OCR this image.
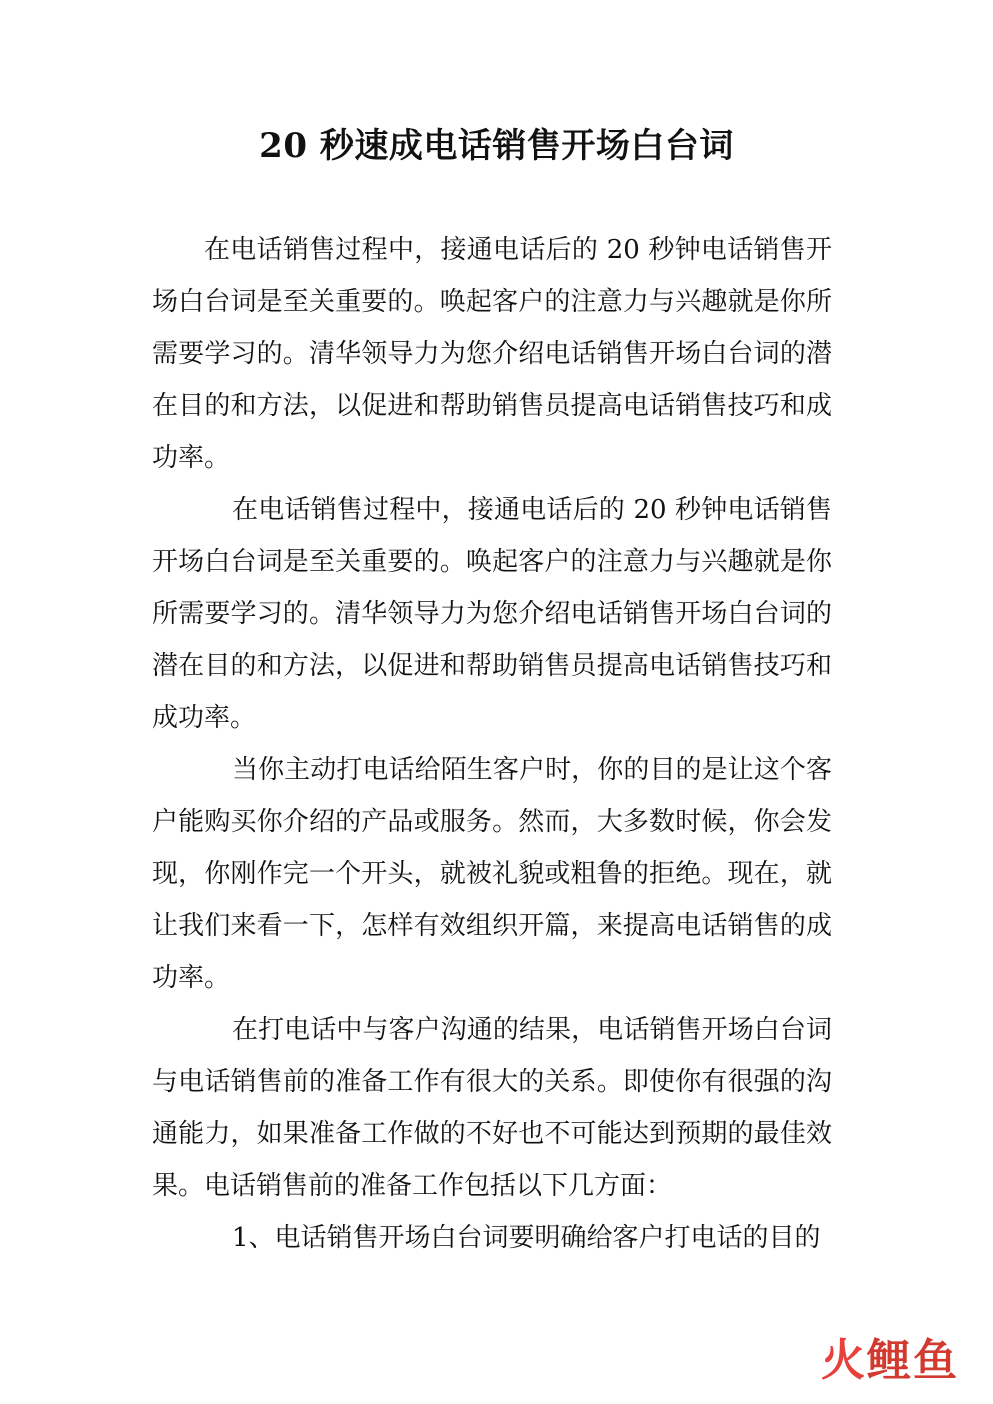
20 秒速成电话销售开场白台词

在电话销售过程中，接通电话后的 20 秒钟电话销售开场白台词是至关重要的。唤起客户的注意力与兴趣就是你所需要学习的。清华领导力为您介绍电话销售开场白台词的潜在目的和方法，以促进和帮助销售员提高电话销售技巧和成功率。

在电话销售过程中，接通电话后的 20 秒钟电话销售开场白台词是至关重要的。唤起客户的注意力与兴趣就是你所需要学习的。清华领导力为您介绍电话销售开场白台词的潜在目的和方法，以促进和帮助销售员提高电话销售技巧和成功率。

当你主动打电话给陌生客户时，你的目的是让这个客户能购买你介绍的产品或服务。然而，大多数时候，你会发现，你刚作完一个开头，就被礼貌或粗鲁的拒绝。现在，就让我们来看一下，怎样有效组织开篇，来提高电话销售的成功率。

在打电话中与客户沟通的结果，电话销售开场白台词与电话销售前的准备工作有很大的关系。即使你有很强的沟通能力，如果准备工作做的不好也不可能达到预期的最佳效果。电话销售前的准备工作包括以下几方面：

1、电话销售开场白台词要明确给客户打电话的目的

火鲤鱼
